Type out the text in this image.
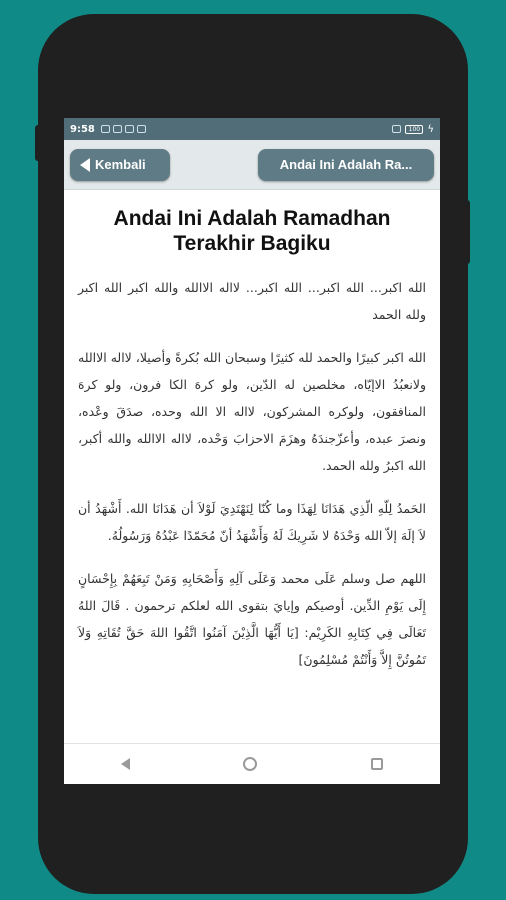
9:58	100 ϟ
Kembali	Andai Ini Adalah Ra...
Andai Ini Adalah Ramadhan Terakhir Bagiku

الله اكبر... الله اكبر... الله اكبر... لااله الاالله والله اكبر الله اكبر ولله الحمد

الله اكبر كبيرًا والحمد لله كثيرًا وسبحان الله بُكرةً وأصيلا، لااله الاالله ولانعبُدُ الاإيّاه، مخلصين له الدّين، ولو كرهَ الكا فرون، ولو كرهَ المنافقون، ولوكره المشركون، لااله الا الله وحده، صدَقَ وعْده، ونصرَ عبده، وأعزّجندَهُ وهزَمَ الاحزابَ وَحْده، لااله الاالله والله أكبر، الله اكبرُ ولله الحمد.

الحَمدُ لِلّهِ الّذِي هَدَانَا لِهَذَا وما كُنّا لِنَهْتَدِيَ لَوْلاَ أن هَدَانَا الله. أَشْهَدُ أن لاَ إلَهَ إلاّ الله وَحْدَهُ لا شَرِيكَ لَهُ وَأَشْهَدُ أنّ مُحَمّدًا عَبْدُهُ وَرَسُولُهُ.

اللهم صل وسلم عَلَى محمد وَعَلَى آلِهِ وَأَصْحَابِهِ وَمَنْ تَبِعَهُمْ بِإِحْسَانٍ إِلَى يَوْمِ الدِّين. أوصيكم وإيايَ بتقوى الله لعلكم ترحمون . قَالَ اللهُ تَعَالَى فِي كِتَابِهِ الكَرِيْم: [يَا أَيُّهَا الَّذِيْنَ آمَنُوا اتَّقُوا اللهَ حَقَّ تُقَاتِهِ وَلاَ تَمُوتُنَّ إِلاَّ وَأَنْتُمْ مُسْلِمُونَ]
